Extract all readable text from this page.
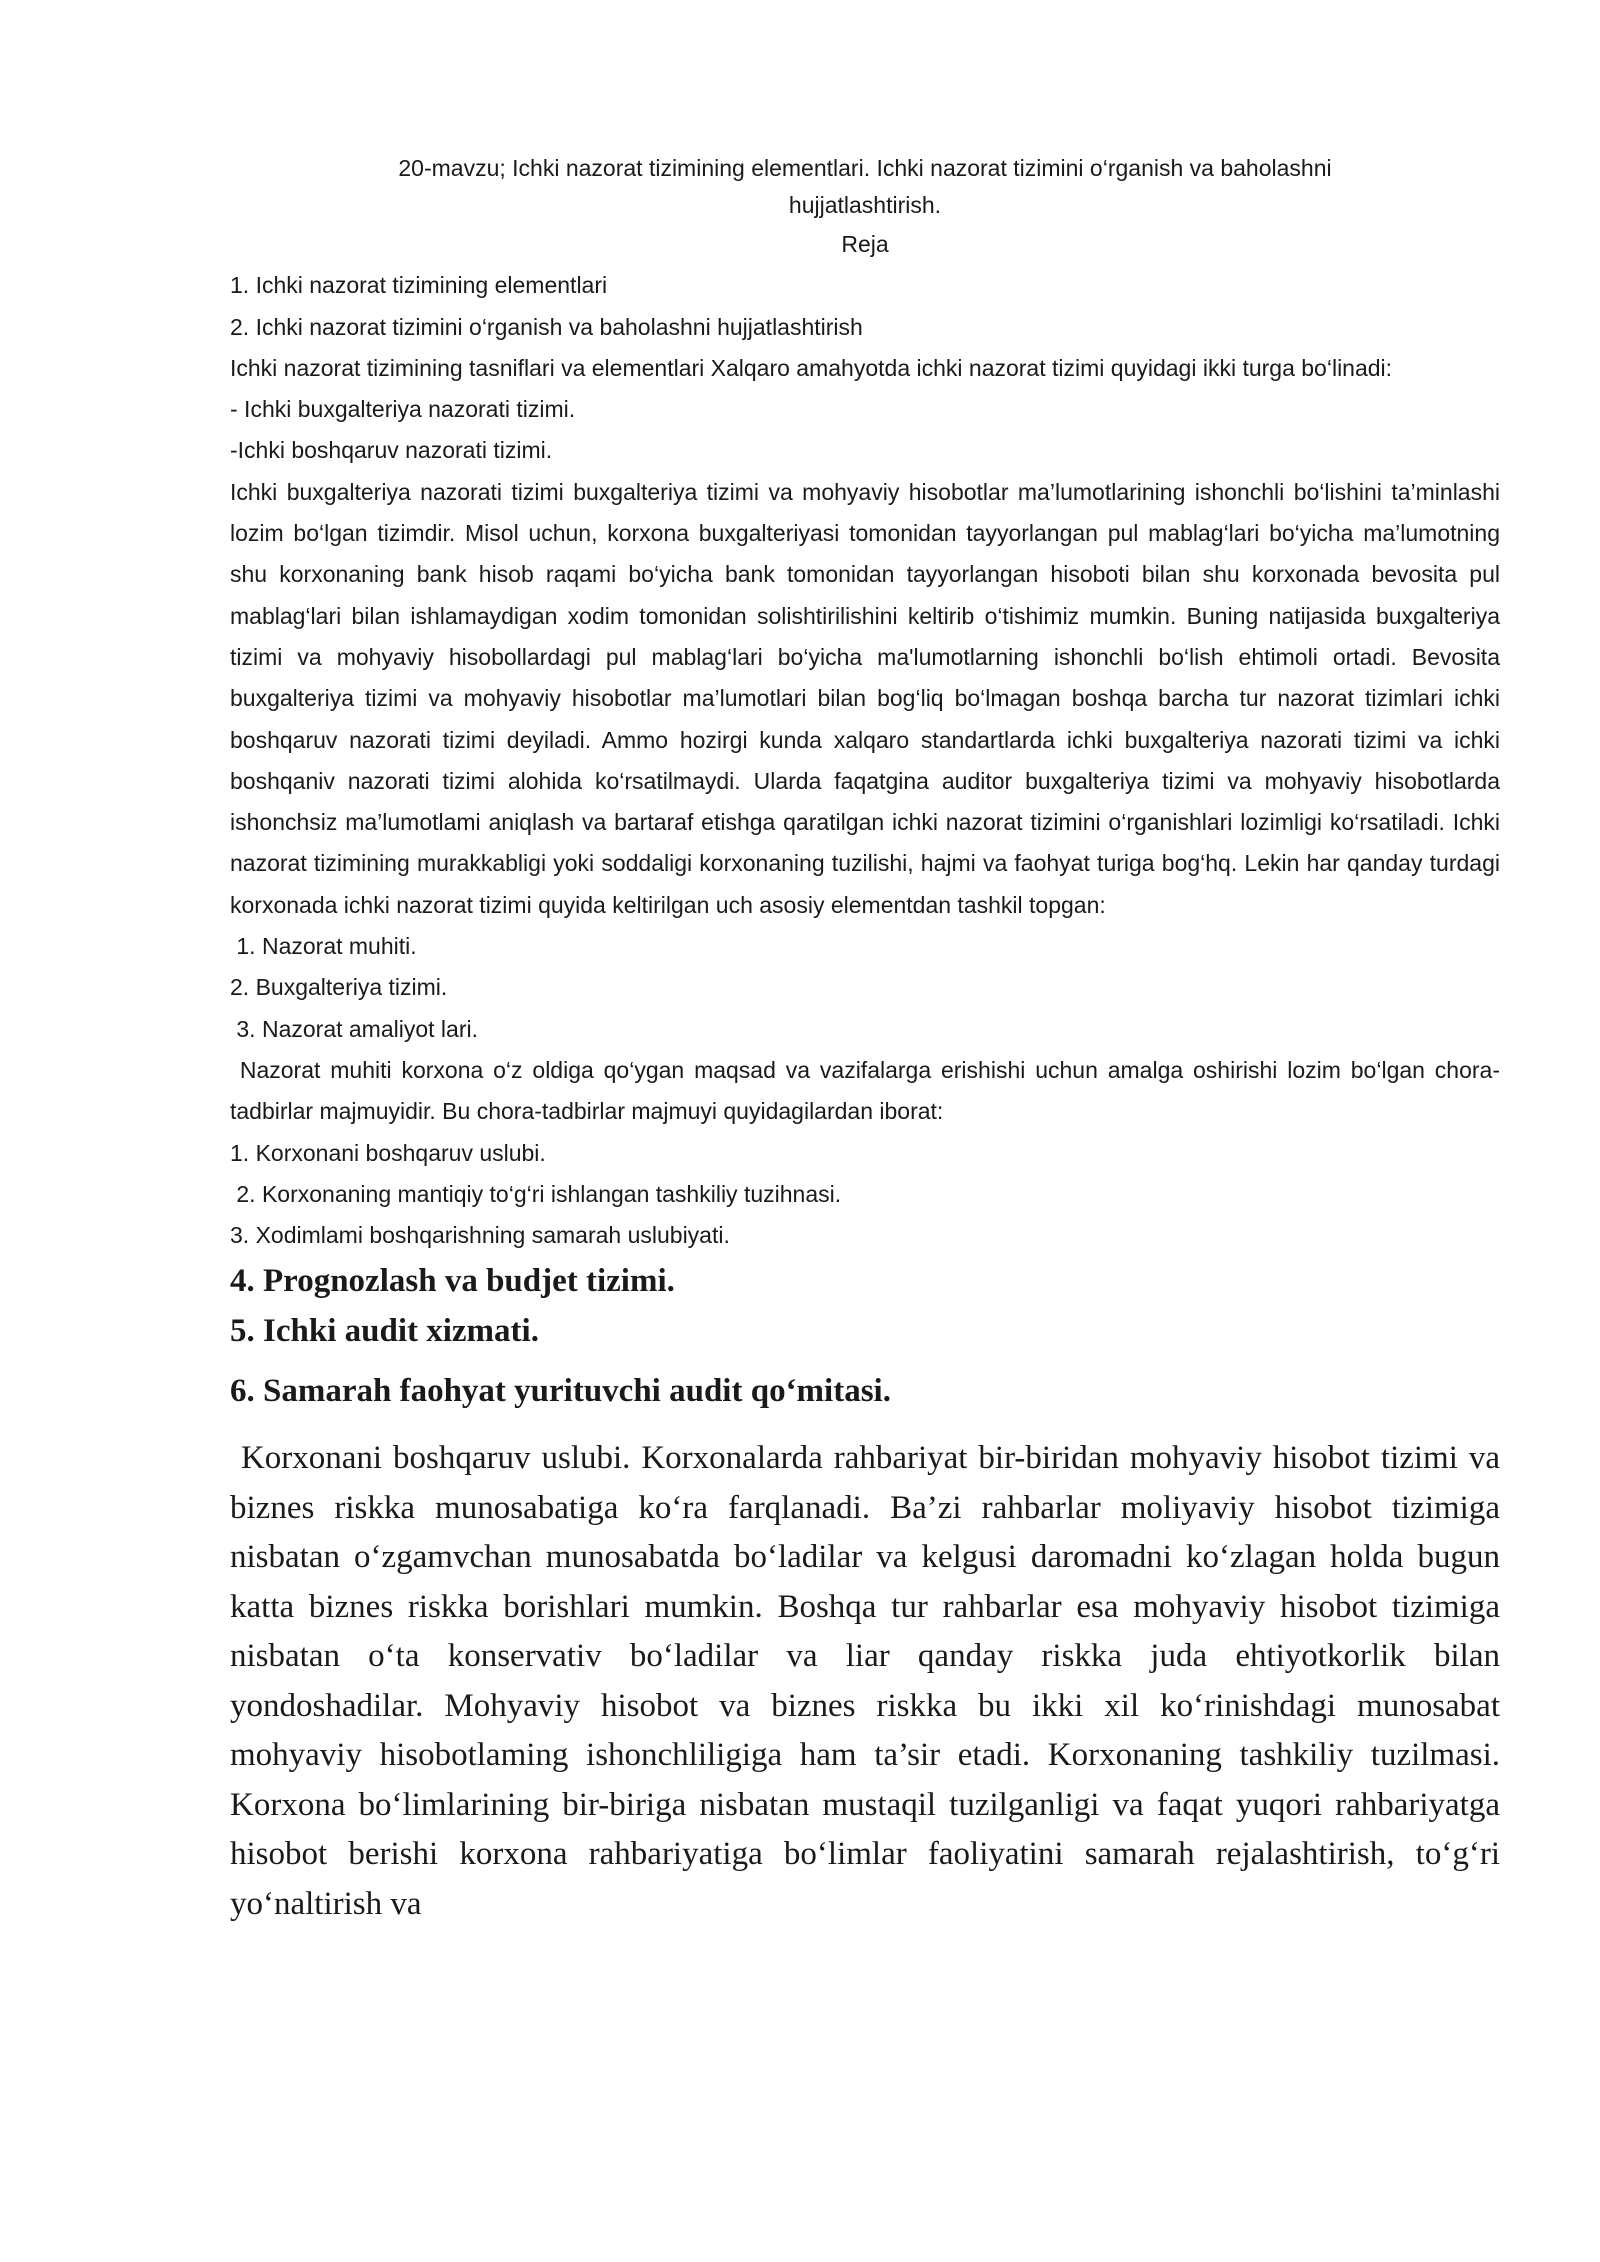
20-mavzu; Ichki nazorat tizimining elementlari. Ichki nazorat tizimini o‘rganish va baholashni

hujjatlashtirish.

Reja

1. Ichki nazorat tizimining elementlari

2. Ichki nazorat tizimini o‘rganish va baholashni hujjatlashtirish

Ichki nazorat tizimining tasniflari va elementlari Xalqaro amahyotda ichki nazorat tizimi quyidagi ikki turga bo‘linadi:

- Ichki buxgalteriya nazorati tizimi.

-Ichki boshqaruv nazorati tizimi.

Ichki buxgalteriya nazorati tizimi buxgalteriya tizimi va mohyaviy hisobotlar ma’lumotlarining ishonchli bo‘lishini ta’minlashi lozim bo‘lgan tizimdir. Misol uchun, korxona buxgalteriyasi tomonidan tayyorlangan pul mablag‘lari bo‘yicha ma’lumotning shu korxonaning bank hisob raqami bo‘yicha bank tomonidan tayyorlangan hisoboti bilan shu korxonada bevosita pul mablag‘lari bilan ishlamaydigan xodim tomonidan solishtirilishini keltirib o‘tishimiz mumkin. Buning natijasida buxgalteriya tizimi va mohyaviy hisobollardagi pul mablag‘lari bo‘yicha ma'lumotlarning ishonchli bo‘lish ehtimoli ortadi. Bevosita buxgalteriya tizimi va mohyaviy hisobotlar ma’lumotlari bilan bog‘liq bo‘lmagan boshqa barcha tur nazorat tizimlari ichki boshqaruv nazorati tizimi deyiladi. Ammo hozirgi kunda xalqaro standartlarda ichki buxgalteriya nazorati tizimi va ichki boshqaniv nazorati tizimi alohida ko‘rsatilmaydi. Ularda faqatgina auditor buxgalteriya tizimi va mohyaviy hisobotlarda ishonchsiz ma’lumotlami aniqlash va bartaraf etishga qaratilgan ichki nazorat tizimini o‘rganishlari lozimligi ko‘rsatiladi. Ichki nazorat tizimining murakkabligi yoki soddaligi korxonaning tuzilishi, hajmi va faohyat turiga bog‘hq. Lekin har qanday turdagi korxonada ichki nazorat tizimi quyida keltirilgan uch asosiy elementdan tashkil topgan:

1. Nazorat muhiti.

2. Buxgalteriya tizimi.

3. Nazorat amaliyot lari.

Nazorat muhiti korxona o‘z oldiga qo‘ygan maqsad va vazifalarga erishishi uchun amalga oshirishi lozim bo‘lgan chora-tadbirlar majmuyidir. Bu chora-tadbirlar majmuyi quyidagilardan iborat:

1. Korxonani boshqaruv uslubi.

2. Korxonaning mantiqiy to‘g‘ri ishlangan tashkiliy tuzihnasi.

3. Xodimlami boshqarishning samarah uslubiyati.

4. Prognozlash va budjet tizimi.

5. Ichki audit xizmati.

6. Samarah faohyat yurituvchi audit qo‘mitasi.

Korxonani boshqaruv uslubi. Korxonalarda rahbariyat bir-biridan mohyaviy hisobot tizimi va biznes riskka munosabatiga ko‘ra farqlanadi. Ba’zi rahbarlar moliyaviy hisobot tizimiga nisbatan o‘zgamvchan munosabatda bo‘ladilar va kelgusi daromadni ko‘zlagan holda bugun katta biznes riskka borishlari mumkin. Boshqa tur rahbarlar esa mohyaviy hisobot tizimiga nisbatan o‘ta konservativ bo‘ladilar va liar qanday riskka juda ehtiyotkorlik bilan yondoshadilar. Mohyaviy hisobot va biznes riskka bu ikki xil ko‘rinishdagi munosabat mohyaviy hisobotlaming ishonchliligiga ham ta’sir etadi. Korxonaning tashkiliy tuzilmasi. Korxona bo‘limlarining bir-biriga nisbatan mustaqil tuzilganligi va faqat yuqori rahbariyatga hisobot berishi korxona rahbariyatiga bo‘limlar faoliyatini samarah rejalashtirish, to‘g‘ri yo‘naltirish va
